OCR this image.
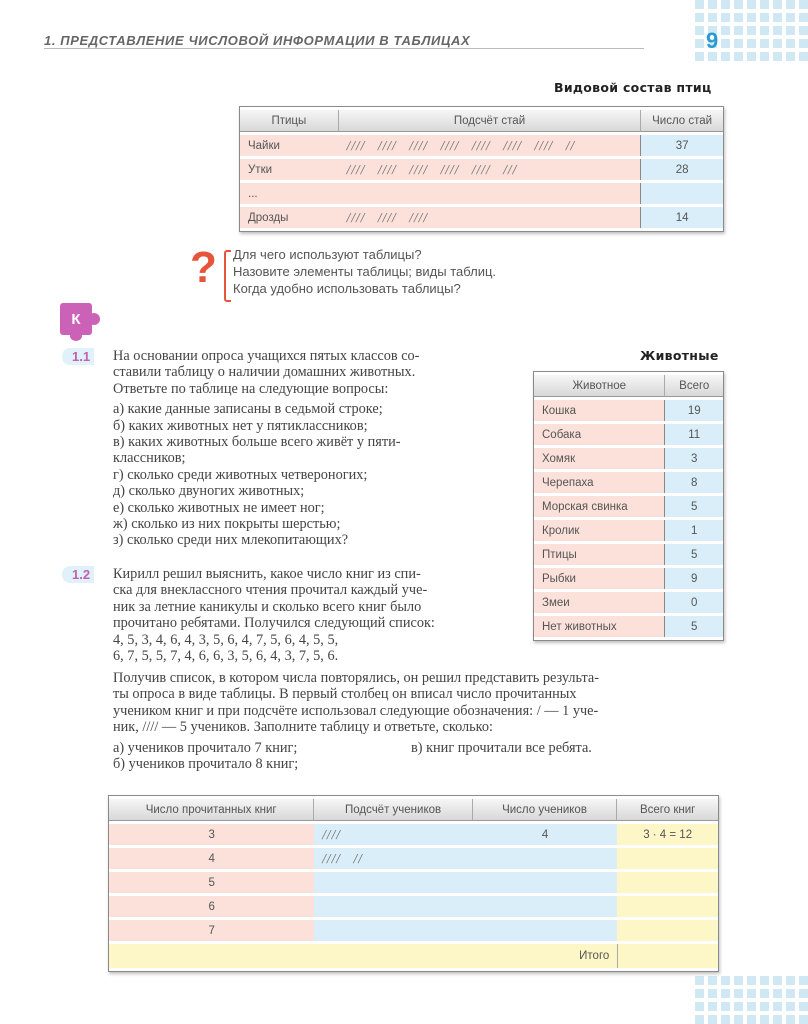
1. ПРЕДСТАВЛЕНИЕ ЧИСЛОВОЙ ИНФОРМАЦИИ В ТАБЛИЦАХ	9
Видовой состав птиц
Птицы	Подсчёт стай	Число стай
Чайки	//// //// //// //// //// //// //// //	37
Утки	//// //// //// //// //// ///	28
...		
Дрозды	//// //// ////	14
? Для чего используют таблицы?
Назовите элементы таблицы; виды таблиц.
Когда удобно использовать таблицы?
К
1.1 На основании опроса учащихся пятых классов со-

ставили таблицу о наличии домашних животных.

Ответьте по таблице на следующие вопросы:

а) какие данные записаны в седьмой строке;

б) каких животных нет у пятиклассников;

в) каких животных больше всего живёт у пяти-

классников;

г) сколько среди животных четвероногих;

д) сколько двуногих животных;

е) сколько животных не имеет ног;

ж) сколько из них покрыты шерстью;

з) сколько среди них млекопитающих?

Животные
Животное	Всего
Кошка	19
Собака	11
Хомяк	3
Черепаха	8
Морская свинка	5
Кролик	1
Птицы	5
Рыбки	9
Змеи	0
Нет животных	5
1.2 Кирилл решил выяснить, какое число книг из спи-

ска для внеклассного чтения прочитал каждый уче-

ник за летние каникулы и сколько всего книг было

прочитано ребятами. Получился следующий список:

4, 5, 3, 4, 6, 4, 3, 5, 6, 4, 7, 5, 6, 4, 5, 5,

6, 7, 5, 5, 7, 4, 6, 6, 3, 5, 6, 4, 3, 7, 5, 6.

Получив список, в котором числа повторялись, он решил представить результа-

ты опроса в виде таблицы. В первый столбец он вписал число прочитанных

учеником книг и при подсчёте использовал следующие обозначения: / — 1 уче-

ник, //// — 5 учеников. Заполните таблицу и ответьте, сколько:

а) учеников прочитало 7 книг;

б) учеников прочитало 8 книг;

в) книг прочитали все ребята.

Число прочитанных книг	Подсчёт учеников	Число учеников	Всего книг
3	////	4	3 · 4 = 12
4	//// //		
5			
6			
7			
Итого			
